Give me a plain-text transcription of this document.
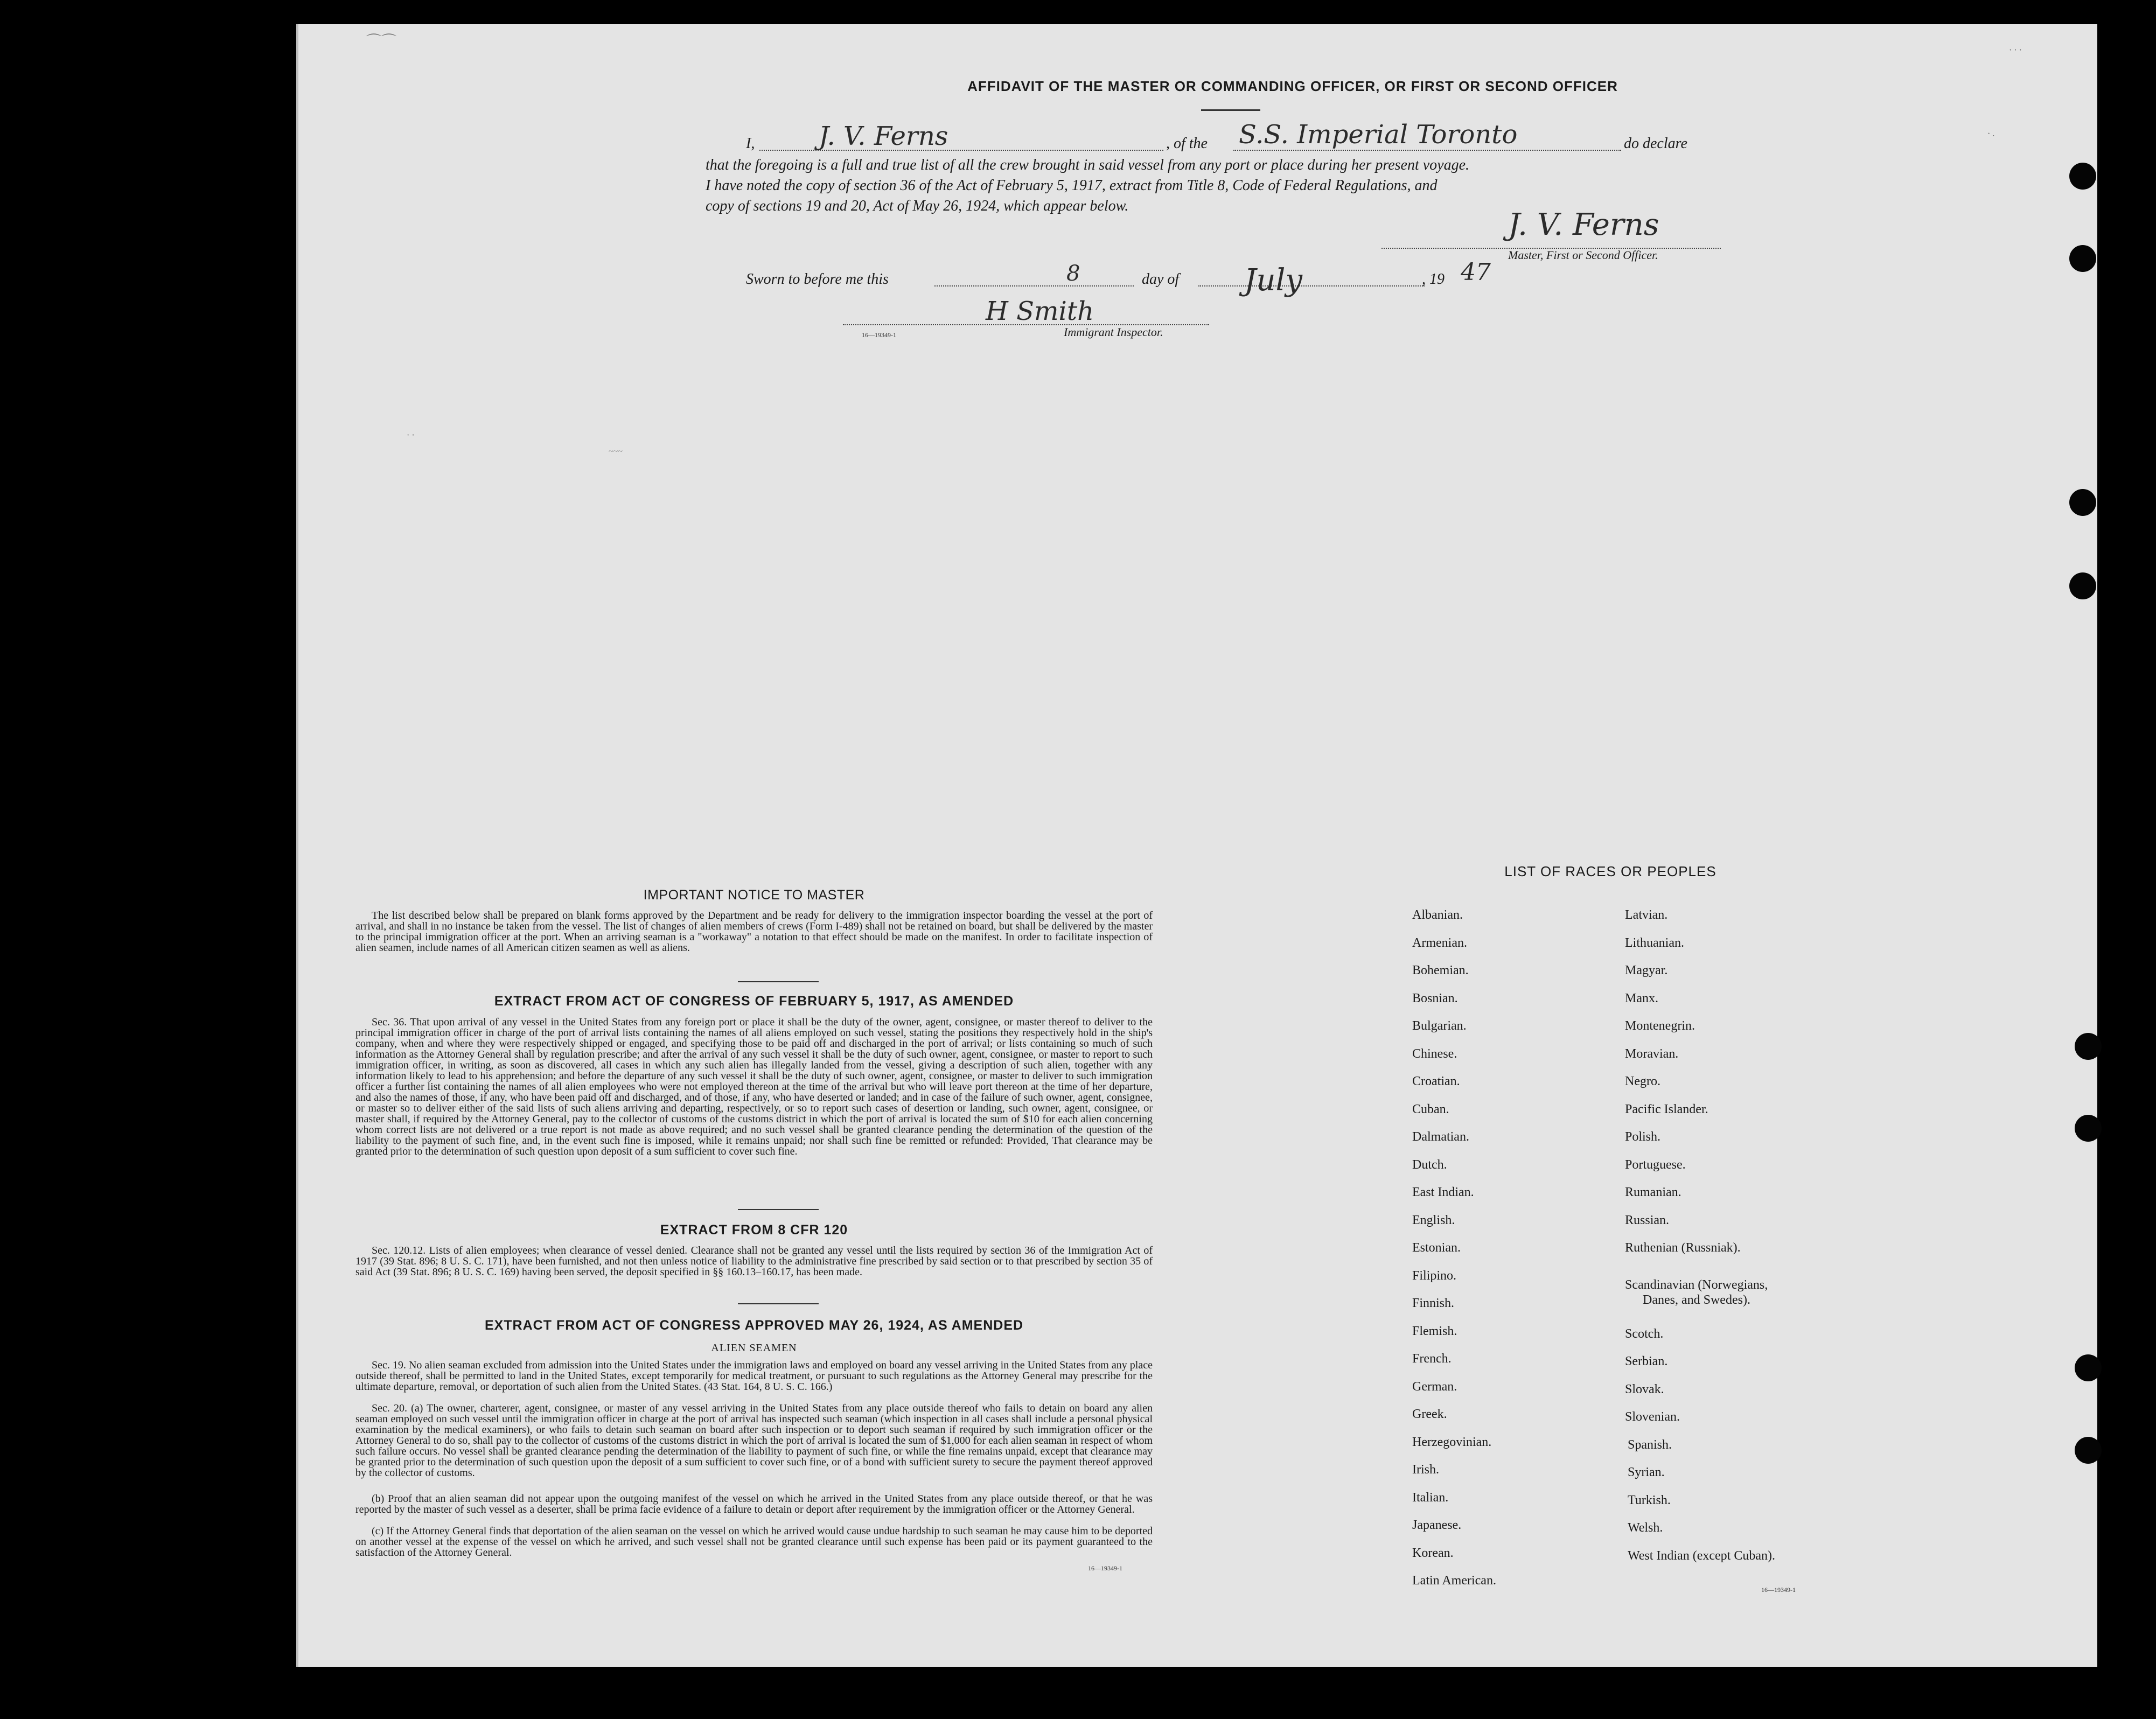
⌒⌒
· · ·
· .
AFFIDAVIT OF THE MASTER OR COMMANDING OFFICER, OR FIRST OR SECOND OFFICER
I, J. V. Ferns	, of the S.S. Imperial Toronto	do declare
that the foregoing is a full and true list of all the crew brought in said vessel from any port or place during her present voyage.
I have noted the copy of section 36 of the Act of February 5, 1917, extract from Title 8, Code of Federal Regulations, and
copy of sections 19 and 20, Act of May 26, 1924, which appear below.
J. V. Ferns
Master, First or Second Officer.
Sworn to before me this	8	day of July	, 19 47
H Smith
16—19349-1	Immigrant Inspector.
· ·
~~~
IMPORTANT NOTICE TO MASTER
The list described below shall be prepared on blank forms approved by the Department and be ready for delivery to the immigration inspector boarding the vessel at the port of arrival, and shall in no instance be taken from the vessel. The list of changes of alien members of crews (Form I-489) shall not be retained on board, but shall be delivered by the master to the principal immigration officer at the port. When an arriving seaman is a "workaway" a notation to that effect should be made on the manifest. In order to facilitate inspection of alien seamen, include names of all American citizen seamen as well as aliens.
EXTRACT FROM ACT OF CONGRESS OF FEBRUARY 5, 1917, AS AMENDED
Sec. 36. That upon arrival of any vessel in the United States from any foreign port or place it shall be the duty of the owner, agent, consignee, or master thereof to deliver to the principal immigration officer in charge of the port of arrival lists containing the names of all aliens employed on such vessel, stating the positions they respectively hold in the ship's company, when and where they were respectively shipped or engaged, and specifying those to be paid off and discharged in the port of arrival; or lists containing so much of such information as the Attorney General shall by regulation prescribe; and after the arrival of any such vessel it shall be the duty of such owner, agent, consignee, or master to report to such immigration officer, in writing, as soon as discovered, all cases in which any such alien has illegally landed from the vessel, giving a description of such alien, together with any information likely to lead to his apprehension; and before the departure of any such vessel it shall be the duty of such owner, agent, consignee, or master to deliver to such immigration officer a further list containing the names of all alien employees who were not employed thereon at the time of the arrival but who will leave port thereon at the time of her departure, and also the names of those, if any, who have been paid off and discharged, and of those, if any, who have deserted or landed; and in case of the failure of such owner, agent, consignee, or master so to deliver either of the said lists of such aliens arriving and departing, respectively, or so to report such cases of desertion or landing, such owner, agent, consignee, or master shall, if required by the Attorney General, pay to the collector of customs of the customs district in which the port of arrival is located the sum of $10 for each alien concerning whom correct lists are not delivered or a true report is not made as above required; and no such vessel shall be granted clearance pending the determination of the question of the liability to the payment of such fine, and, in the event such fine is imposed, while it remains unpaid; nor shall such fine be remitted or refunded: Provided, That clearance may be granted prior to the determination of such question upon deposit of a sum sufficient to cover such fine.
EXTRACT FROM 8 CFR 120
Sec. 120.12. Lists of alien employees; when clearance of vessel denied. Clearance shall not be granted any vessel until the lists required by section 36 of the Immigration Act of 1917 (39 Stat. 896; 8 U. S. C. 171), have been furnished, and not then unless notice of liability to the administrative fine prescribed by said section or to that prescribed by section 35 of said Act (39 Stat. 896; 8 U. S. C. 169) having been served, the deposit specified in §§ 160.13–160.17, has been made.
EXTRACT FROM ACT OF CONGRESS APPROVED MAY 26, 1924, AS AMENDED
ALIEN SEAMEN
Sec. 19. No alien seaman excluded from admission into the United States under the immigration laws and employed on board any vessel arriving in the United States from any place outside thereof, shall be permitted to land in the United States, except temporarily for medical treatment, or pursuant to such regulations as the Attorney General may prescribe for the ultimate departure, removal, or deportation of such alien from the United States. (43 Stat. 164, 8 U. S. C. 166.)
Sec. 20. (a) The owner, charterer, agent, consignee, or master of any vessel arriving in the United States from any place outside thereof who fails to detain on board any alien seaman employed on such vessel until the immigration officer in charge at the port of arrival has inspected such seaman (which inspection in all cases shall include a personal physical examination by the medical examiners), or who fails to detain such seaman on board after such inspection or to deport such seaman if required by such immigration officer or the Attorney General to do so, shall pay to the collector of customs of the customs district in which the port of arrival is located the sum of $1,000 for each alien seaman in respect of whom such failure occurs. No vessel shall be granted clearance pending the determination of the liability to payment of such fine, or while the fine remains unpaid, except that clearance may be granted prior to the determination of such question upon the deposit of a sum sufficient to cover such fine, or of a bond with sufficient surety to secure the payment thereof approved by the collector of customs.
(b) Proof that an alien seaman did not appear upon the outgoing manifest of the vessel on which he arrived in the United States from any place outside thereof, or that he was reported by the master of such vessel as a deserter, shall be prima facie evidence of a failure to detain or deport after requirement by the immigration officer or the Attorney General.
(c) If the Attorney General finds that deportation of the alien seaman on the vessel on which he arrived would cause undue hardship to such seaman he may cause him to be deported on another vessel at the expense of the vessel on which he arrived, and such vessel shall not be granted clearance until such expense has been paid or its payment guaranteed to the satisfaction of the Attorney General.
16—19349-1
LIST OF RACES OR PEOPLES
Albanian.
Armenian.
Bohemian.
Bosnian.
Bulgarian.
Chinese.
Croatian.
Cuban.
Dalmatian.
Dutch.
East Indian.
English.
Estonian.
Filipino.
Finnish.
Flemish.
French.
German.
Greek.
Herzegovinian.
Irish.
Italian.
Japanese.
Korean.
Latin American.
Latvian.
Lithuanian.
Magyar.
Manx.
Montenegrin.
Moravian.
Negro.
Pacific Islander.
Polish.
Portuguese.
Rumanian.
Russian.
Ruthenian (Russniak).
Scandinavian (Norwegians,
Danes, and Swedes).
Scotch.
Serbian.
Slovak.
Slovenian.
Spanish.
Syrian.
Turkish.
Welsh.
West Indian (except Cuban).
16—19349-1
